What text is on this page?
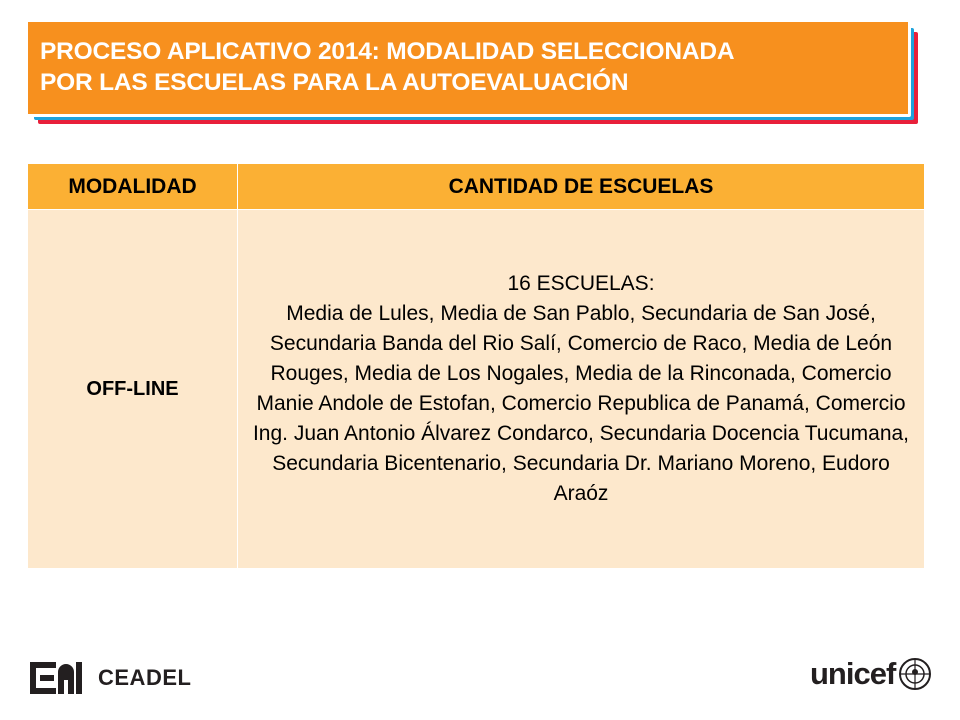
PROCESO APLICATIVO 2014: MODALIDAD SELECCIONADA
POR LAS ESCUELAS PARA LA AUTOEVALUACIÓN
MODALIDAD	CANTIDAD DE ESCUELAS
OFF-LINE	16 ESCUELAS:
Media de Lules, Media de San Pablo, Secundaria de San José, Secundaria Banda del Rio Salí, Comercio de Raco, Media de León Rouges, Media de Los Nogales, Media de la Rinconada, Comercio Manie Andole de Estofan, Comercio Republica de Panamá, Comercio Ing. Juan Antonio Álvarez Condarco, Secundaria Docencia Tucumana, Secundaria Bicentenario, Secundaria Dr. Mariano Moreno, Eudoro Araóz
CEADEL	unicef
